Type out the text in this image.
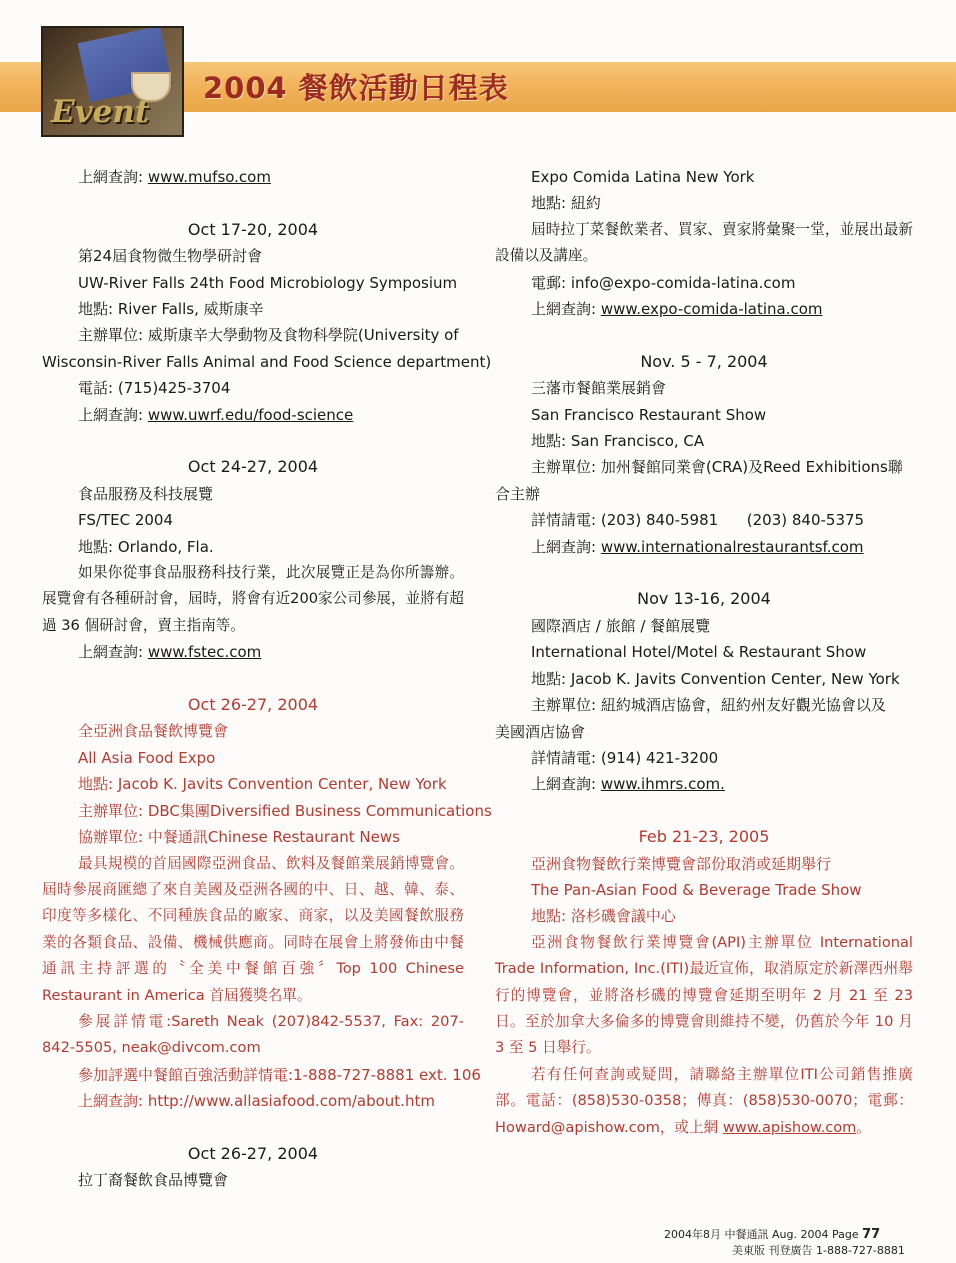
Event
2004 餐飲活動日程表
上網查詢: www.mufso.com
Oct 17-20, 2004
第24屆食物微生物學研討會
UW-River Falls 24th Food Microbiology Symposium
地點: River Falls, 威斯康辛
主辦單位: 威斯康辛大學動物及食物科學院(University of
Wisconsin-River Falls Animal and Food Science department)
電話: (715)425-3704
上網查詢: www.uwrf.edu/food-science
Oct 24-27, 2004
食品服務及科技展覽
FS/TEC 2004
地點: Orlando, Fla.
如果你從事食品服務科技行業，此次展覽正是為你所籌辦。展覽會有各種研討會，屆時，將會有近200家公司參展，並將有超過 36 個研討會，賣主指南等。
上網查詢: www.fstec.com
Oct 26-27, 2004
全亞洲食品餐飲博覽會
All Asia Food Expo
地點: Jacob K. Javits Convention Center, New York
主辦單位: DBC集團Diversified Business Communications
協辦單位: 中餐通訊Chinese Restaurant News
最具規模的首屆國際亞洲食品、飲料及餐館業展銷博覽會。屆時參展商匯總了來自美國及亞洲各國的中、日、越、韓、泰、印度等多樣化、不同種族食品的廠家、商家，以及美國餐飲服務業的各類食品、設備、機械供應商。同時在展會上將發佈由中餐通訊主持評選的〝全美中餐館百強〞Top 100 Chinese Restaurant in America 首屆獲獎名單。
參展詳情電:Sareth Neak (207)842-5537, Fax: 207-842-5505, neak@divcom.com
參加評選中餐館百強活動詳情電:1-888-727-8881 ext. 106
上網查詢: http://www.allasiafood.com/about.htm
Oct 26-27, 2004
拉丁裔餐飲食品博覽會
Expo Comida Latina New York
地點: 紐約
屆時拉丁菜餐飲業者、買家、賣家將彙聚一堂，並展出最新設備以及講座。
電郵: info@expo-comida-latina.com
上網查詢: www.expo-comida-latina.com
Nov. 5 - 7, 2004
三藩市餐館業展銷會
San Francisco Restaurant Show
地點: San Francisco, CA
主辦單位: 加州餐館同業會(CRA)及Reed Exhibitions聯
合主辦
詳情請電: (203) 840-5981 (203) 840-5375
上網查詢: www.internationalrestaurantsf.com
Nov 13-16, 2004
國際酒店 / 旅館 / 餐館展覽
International Hotel/Motel & Restaurant Show
地點: Jacob K. Javits Convention Center, New York
主辦單位: 紐約城酒店協會，紐約州友好觀光協會以及
美國酒店協會
詳情請電: (914) 421-3200
上網查詢: www.ihmrs.com.
Feb 21-23, 2005
亞洲食物餐飲行業博覽會部份取消或延期舉行
The Pan-Asian Food & Beverage Trade Show
地點: 洛杉磯會議中心
亞洲食物餐飲行業博覽會(API)主辦單位 International Trade Information, Inc.(ITI)最近宣佈，取消原定於新澤西州舉行的博覽會，並將洛杉磯的博覽會延期至明年 2 月 21 至 23 日。至於加拿大多倫多的博覽會則維持不變，仍舊於今年 10 月 3 至 5 日舉行。
若有任何查詢或疑問，請聯絡主辦單位ITI公司銷售推廣部。電話：(858)530-0358；傳真：(858)530-0070；電郵：Howard@apishow.com，或上網 www.apishow.com。
2004年8月 中餐通訊 Aug. 2004 Page 77
美東版 刊登廣告 1-888-727-8881
